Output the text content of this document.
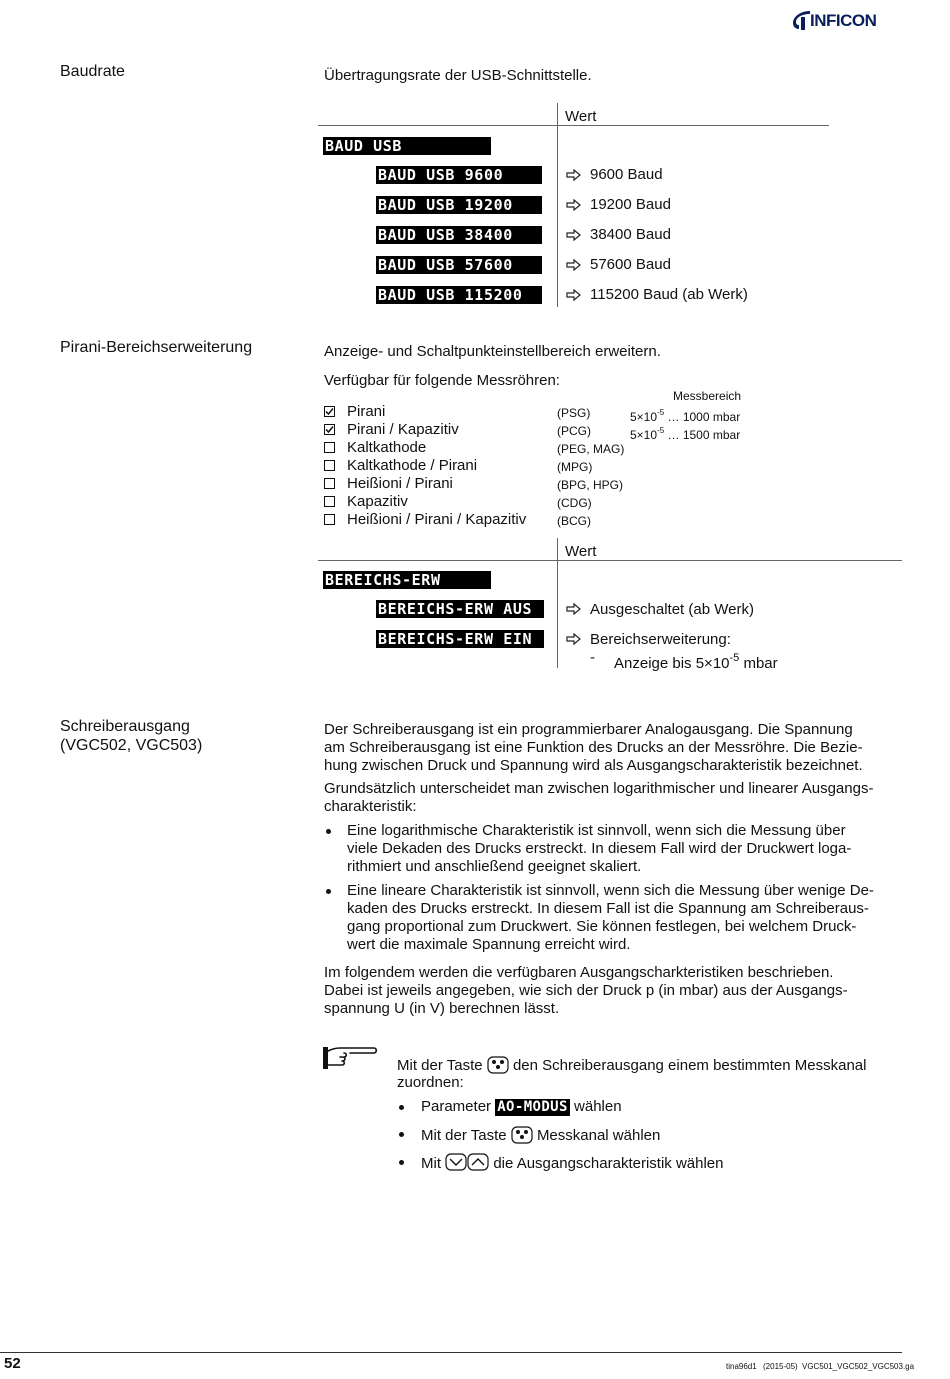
INFICON
Baudrate	Übertragungsrate der USB-Schnittstelle.
Wert
BAUD USB
BAUD USB 9600	9600 Baud
BAUD USB 19200	19200 Baud
BAUD USB 38400	38400 Baud
BAUD USB 57600	57600 Baud
BAUD USB 115200	115200 Baud (ab Werk)
Pirani-Bereichserweiterung	Anzeige- und Schaltpunkteinstellbereich erweitern.
Verfügbar für folgende Messröhren:
Messbereich
Pirani	(PSG)	$5\times 10^{-5}$ … 1000 mbar
Pirani / Kapazitiv	(PCG)	$5\times 10^{-5}$ … 1500 mbar
Kaltkathode	(PEG, MAG)
Kaltkathode / Pirani	(MPG)
Heißioni / Pirani	(BPG, HPG)
Kapazitiv	(CDG)
Heißioni / Pirani / Kapazitiv	(BCG)
Wert
BEREICHS-ERW
BEREICHS-ERW AUS	Ausgeschaltet (ab Werk)
BEREICHS-ERW EIN	Bereichserweiterung:
- Anzeige bis $5\times 10^{-5}$ mbar
Schreiberausgang
(VGC502, VGC503)
Der Schreiberausgang ist ein programmierbarer Analogausgang. Die Spannung
am Schreiberausgang ist eine Funktion des Drucks an der Messröhre. Die Bezie-
hung zwischen Druck und Spannung wird als Ausgangscharakteristik bezeichnet.
Grundsätzlich unterscheidet man zwischen logarithmischer und linearer Ausgangs-
charakteristik:
Eine logarithmische Charakteristik ist sinnvoll, wenn sich die Messung über
viele Dekaden des Drucks erstreckt. In diesem Fall wird der Druckwert loga-
rithmiert und anschließend geeignet skaliert.
Eine lineare Charakteristik ist sinnvoll, wenn sich die Messung über wenige De-
kaden des Drucks erstreckt. In diesem Fall ist die Spannung am Schreiberaus-
gang proportional zum Druckwert. Sie können festlegen, bei welchem Druck-
wert die maximale Spannung erreicht wird.
Im folgendem werden die verfügbaren Ausgangscharkteristiken beschrieben.
Dabei ist jeweils angegeben, wie sich der Druck p (in mbar) aus der Ausgangs-
spannung U (in V) berechnen lässt.
Mit der Taste den Schreiberausgang einem bestimmten Messkanal
zuordnen:
Parameter AO-MODUS wählen
Mit der Taste Messkanal wählen
Mit	die Ausgangscharakteristik wählen
52	tina96d1 (2015-05) VGC501_VGC502_VGC503.ga
